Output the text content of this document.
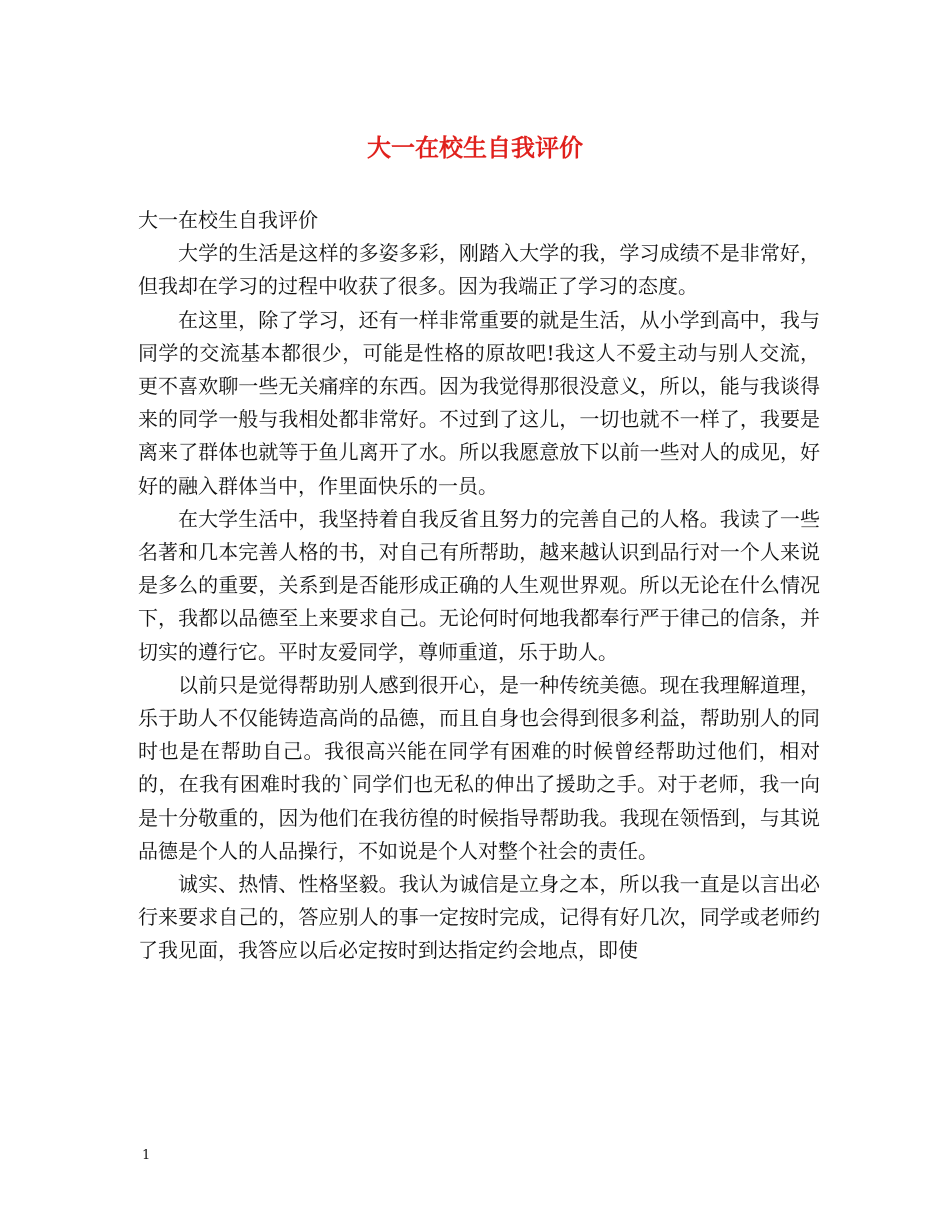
大一在校生自我评价

大一在校生自我评价

大学的生活是这样的多姿多彩，刚踏入大学的我，学习成绩不是非常好，但我却在学习的过程中收获了很多。因为我端正了学习的态度。

在这里，除了学习，还有一样非常重要的就是生活，从小学到高中，我与同学的交流基本都很少，可能是性格的原故吧!我这人不爱主动与别人交流，更不喜欢聊一些无关痛痒的东西。因为我觉得那很没意义，所以，能与我谈得来的同学一般与我相处都非常好。不过到了这儿，一切也就不一样了，我要是离来了群体也就等于鱼儿离开了水。所以我愿意放下以前一些对人的成见，好好的融入群体当中，作里面快乐的一员。

在大学生活中，我坚持着自我反省且努力的完善自己的人格。我读了一些名著和几本完善人格的书，对自己有所帮助，越来越认识到品行对一个人来说是多么的重要，关系到是否能形成正确的人生观世界观。所以无论在什么情况下，我都以品德至上来要求自己。无论何时何地我都奉行严于律己的信条，并切实的遵行它。平时友爱同学，尊师重道，乐于助人。

以前只是觉得帮助别人感到很开心，是一种传统美德。现在我理解道理，乐于助人不仅能铸造高尚的品德，而且自身也会得到很多利益，帮助别人的同时也是在帮助自己。我很高兴能在同学有困难的时候曾经帮助过他们，相对的，在我有困难时我的`同学们也无私的伸出了援助之手。对于老师，我一向是十分敬重的，因为他们在我彷徨的时候指导帮助我。我现在领悟到，与其说品德是个人的人品操行，不如说是个人对整个社会的责任。

诚实、热情、性格坚毅。我认为诚信是立身之本，所以我一直是以言出必行来要求自己的，答应别人的事一定按时完成，记得有好几次，同学或老师约了我见面，我答应以后必定按时到达指定约会地点，即使

1
